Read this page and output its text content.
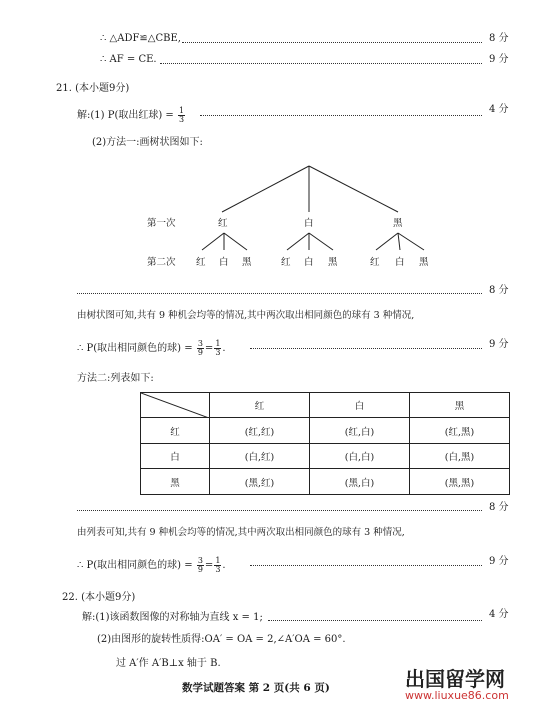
∴ △ADF≌△CBE,	8 分
∴ AF = CE.	9 分
21. (本小题9分)
解:(1) P(取出红球) = $\frac{1}{3}$	4 分
(2)方法一:画树状图如下:
第一次	红	白	黑
第二次 红 白 黑	红 白 黑	红 白 黑
8 分
由树状图可知,共有 9 种机会均等的情况,其中两次取出相同颜色的球有 3 种情况,
∴ P(取出相同颜色的球) = $\frac{3}{9} = \frac{1}{3}$ .	9 分
方法二:列表如下:
	红	白	黑
红	(红,红)	(红,白)	(红,黑)
白	(白,红)	(白,白)	(白,黑)
黑	(黑,红)	(黑,白)	(黑,黑)
8 分
由列表可知,共有 9 种机会均等的情况,其中两次取出相同颜色的球有 3 种情况,
∴ P(取出相同颜色的球) = $\frac{3}{9} = \frac{1}{3}$ .	9 分
22. (本小题9分)
解:(1)该函数图像的对称轴为直线 x = 1;	4 分
(2)由图形的旋转性质得:OA′ = OA = 2,∠A′OA = 60°.
过 A′作 A′B⊥x 轴于 B.
数学试题答案 第 2 页(共 6 页)	出国留学网
www.liuxue86.com
